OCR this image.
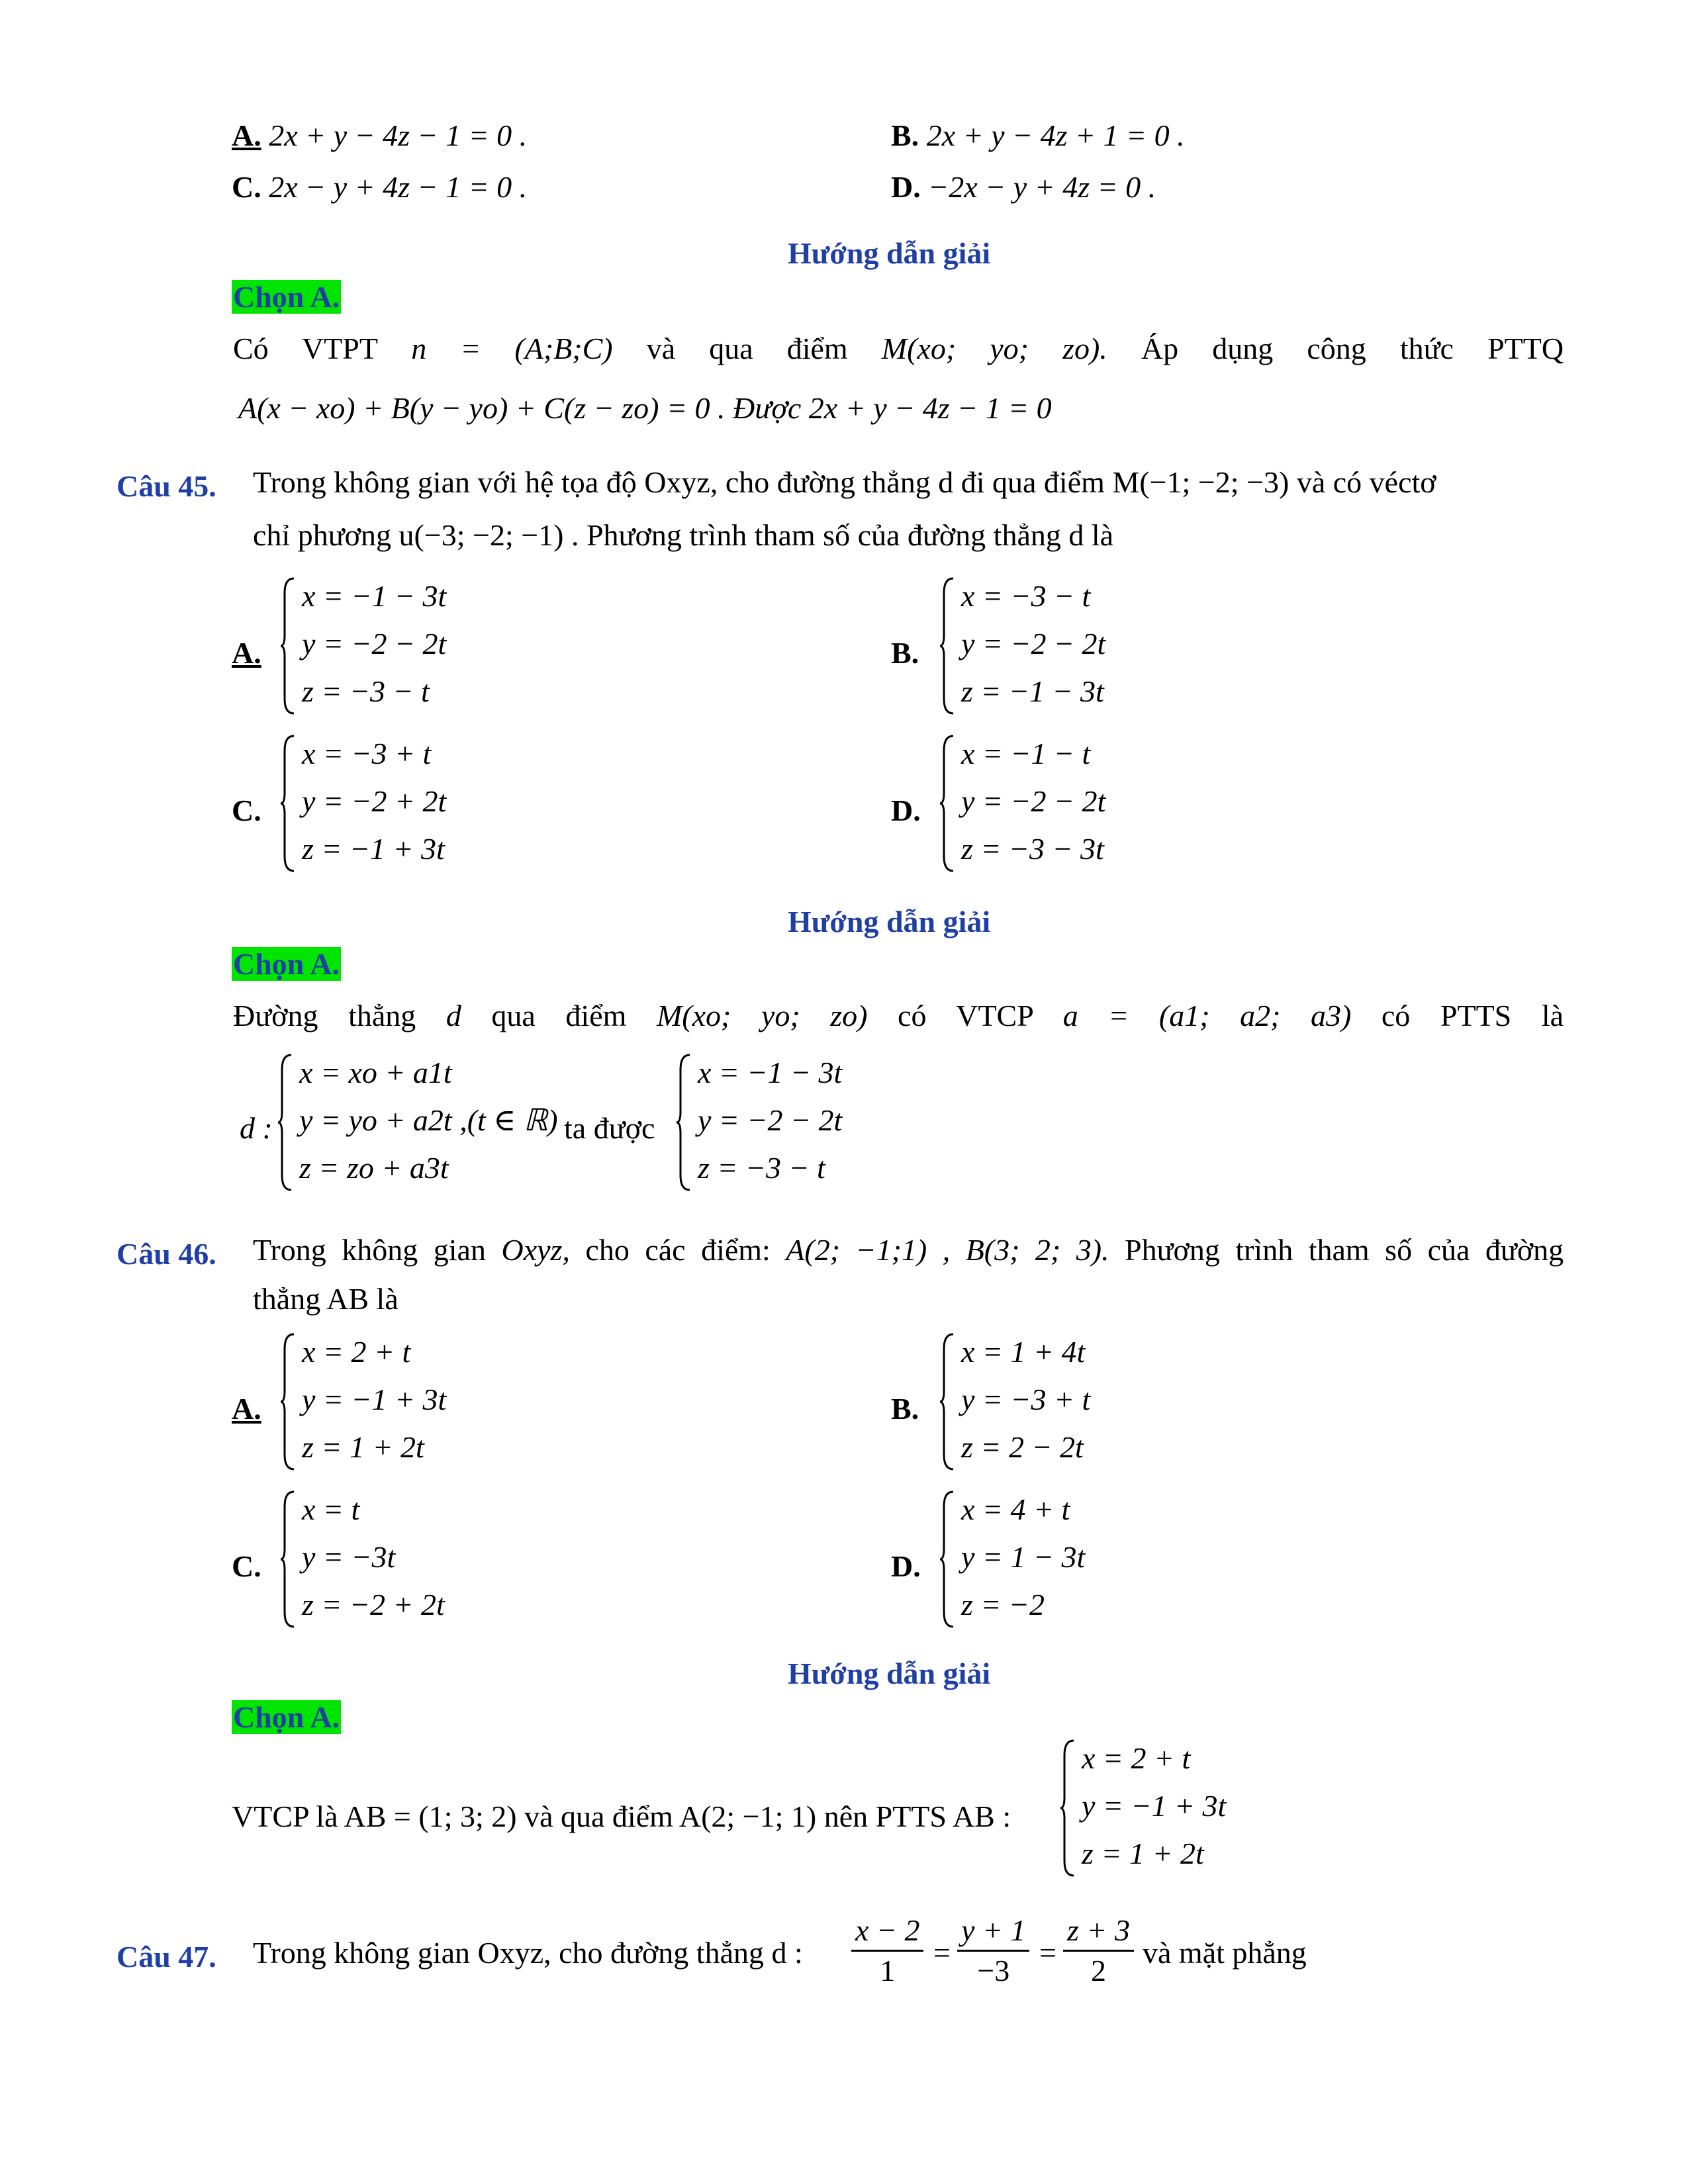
A. 2x + y − 4z − 1 = 0 .	B. 2x + y − 4z + 1 = 0 .
C. 2x − y + 4z − 1 = 0 .	D. −2x − y + 4z = 0 .
Hướng dẫn giải
Chọn A.
Có VTPT n = (A;B;C) và qua điểm M(xo; yo; zo). Áp dụng công thức PTTQ
A(x − xo) + B(y − yo) + C(z − zo) = 0 . Được 2x + y − 4z − 1 = 0
Câu 45. Trong không gian với hệ tọa độ Oxyz, cho đường thẳng d đi qua điểm M(−1; −2; −3) và có véctơ
chỉ phương u(−3; −2; −1) . Phương trình tham số của đường thẳng d là
A.
x = −1 − 3t
y = −2 − 2t
z = −3 − t
B.
x = −3 − t
y = −2 − 2t
z = −1 − 3t
C.
x = −3 + t
y = −2 + 2t
z = −1 + 3t
D.
x = −1 − t
y = −2 − 2t
z = −3 − 3t
Hướng dẫn giải
Chọn A.
Đường thẳng d qua điểm M(xo; yo; zo) có VTCP a = (a1; a2; a3) có PTTS là
d :
x = xo + a1t
y = yo + a2t ,(t ∈ ℝ)
z = zo + a3t
ta được
x = −1 − 3t
y = −2 − 2t
z = −3 − t
Câu 46. Trong không gian Oxyz, cho các điểm: A(2; −1;1) , B(3; 2; 3). Phương trình tham số của đường
thẳng AB là
A.
x = 2 + t
y = −1 + 3t
z = 1 + 2t
B.
x = 1 + 4t
y = −3 + t
z = 2 − 2t
C.
x = t
y = −3t
z = −2 + 2t
D.
x = 4 + t
y = 1 − 3t
z = −2
Hướng dẫn giải
Chọn A.
VTCP là AB = (1; 3; 2) và qua điểm A(2; −1; 1) nên PTTS AB :
x = 2 + t
y = −1 + 3t
z = 1 + 2t
Câu 47. Trong không gian Oxyz, cho đường thẳng d : $\frac{x - 2}{1} = \frac{y + 1}{-3} = \frac{z + 3}{2}$ và mặt phẳng
